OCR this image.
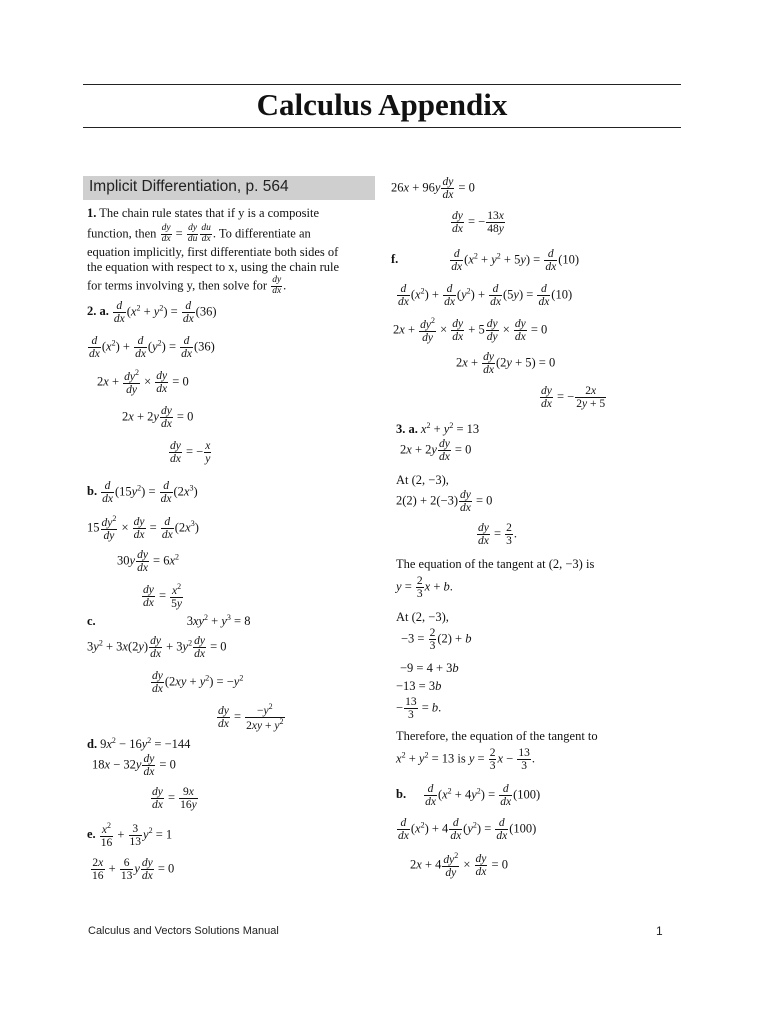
Calculus Appendix
Implicit Differentiation, p. 564

1. The chain rule states that if y is a composite

function, then $\frac{dy}{dx} = \frac{dy}{du} \frac{du}{dx}$ . To differentiate an

equation implicitly, first differentiate both sides of

the equation with respect to x, using the chain rule

for terms involving y, then solve for $\frac{dy}{dx}$ .

2. a. $\frac{d}{dx} (x^2 + y^2) = \frac{d}{dx} (36)$
$\frac{d}{dx} (x^2) + \frac{d}{dx} (y^2) = \frac{d}{dx} (36)$
$2x + \frac{dy^2}{dy} \times \frac{dy}{dx} = 0$
$2x + 2y \frac{dy}{dx} = 0$
$\frac{dy}{dx}$ = − $\frac{x}{y}$
b. $\frac{d}{dx} (15y^2) = \frac{d}{dx} (2x^3)$
$15 \frac{dy^2}{dy} \times \frac{dy}{dx} = \frac{d}{dx} (2x^3)$
$30y \frac{dy}{dx} = 6x^2$
$\frac{dy}{dx} = \frac{x^2}{5y}$
c.	$3xy^2 + y^3 = 8$
$3y^2 + 3x(2y) \frac{dy}{dx} + 3y^2 \frac{dy}{dx} = 0$
$\frac{dy}{dx} (2xy + y^2) = -y^2$
$\frac{dy}{dx} = \frac{-y^2}{2xy + y^2}$
d. $9x^2 - 16y^2 = -144$
$18x - 32y \frac{dy}{dx} = 0$
$\frac{dy}{dx} = \frac{9x}{16y}$
e. $\frac{x^2}{16} + \frac{3}{13} y^2 = 1$
$\frac{2x}{16} + \frac{6}{13}$ y $\frac{dy}{dx} = 0$
$26x + 96y \frac{dy}{dx} = 0$
$\frac{dy}{dx}$ = − $\frac{13x}{48y}$
f.	$\frac{d}{dx} (x^2 + y^2 + 5y) = \frac{d}{dx} (10)$
$\frac{d}{dx} (x^2) + \frac{d}{dx} (y^2) + \frac{d}{dx} (5y) = \frac{d}{dx} (10)$
$2x + \frac{dy^2}{dy} \times \frac{dy}{dx} + 5 \frac{dy}{dy} \times \frac{dy}{dx} = 0$
$2x + \frac{dy}{dx} (2y + 5) = 0$
$\frac{dy}{dx}$ = − $\frac{2x}{2y + 5}$
3. a. $x^2 + y^2 = 13$
$2x + 2y \frac{dy}{dx} = 0$
At (2, −3),
$2(2) + 2(-3) \frac{dy}{dx} = 0$
$\frac{dy}{dx} = \frac{2}{3}$ .
The equation of the tangent at (2, −3) is
$y = \frac{2}{3}$ x + b.
At (2, −3),
$-3 = \frac{2}{3} (2) + b$
−9 = 4 + 3b
−13 = 3b
− $\frac{13}{3} = b$.
Therefore, the equation of the tangent to
$x^2 + y^2 = 13$ is $y = \frac{2}{3}$ $x - \frac{13}{3}$ .
b. $\frac{d}{dx} (x^2 + 4y^2) = \frac{d}{dx} (100)$
$\frac{d}{dx} (x^2) + 4 \frac{d}{dx} (y^2) = \frac{d}{dx} (100)$
$2x + 4 \frac{dy^2}{dy} \times \frac{dy}{dx} = 0$
Calculus and Vectors Solutions Manual	1
